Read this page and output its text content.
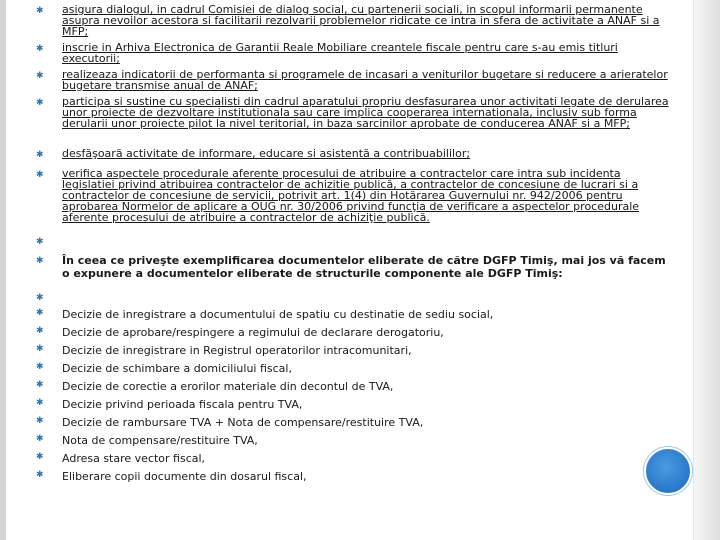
✱ asigura dialogul, in cadrul Comisiei de dialog social, cu partenerii sociali, in scopul informarii permanente asupra nevoilor acestora si facilitarii rezolvarii problemelor ridicate ce intra in sfera de activitate a ANAF si a MFP;
✱ inscrie in Arhiva Electronica de Garantii Reale Mobiliare creantele fiscale pentru care s-au emis titluri executorii;
✱ realizeaza indicatorii de performanta si programele de incasari a veniturilor bugetare si reducere a arieratelor bugetare transmise anual de ANAF;
✱ participa si sustine cu specialisti din cadrul aparatului propriu desfasurarea unor activitati legate de derularea unor proiecte de dezvoltare institutionala sau care implica cooperarea internationala, inclusiv sub forma derularii unor proiecte pilot la nivel teritorial, in baza sarcinilor aprobate de conducerea ANAF si a MFP;
✱ desfăşoară activitate de informare, educare si asistentă a contribuabililor;
✱ verifica aspectele procedurale aferente procesului de atribuire a contractelor care intra sub incidenta legislatiei privind atribuirea contractelor de achizitie publică, a contractelor de concesiune de lucrari si a contractelor de concesiune de servicii, potrivit art. 1(4) din Hotărarea Guvernului nr. 942/2006 pentru aprobarea Normelor de aplicare a OUG nr. 30/2006 privind funcţia de verificare a aspectelor procedurale aferente procesului de atribuire a contractelor de achiziţie publică.
✱
✱ În ceea ce priveşte exemplificarea documentelor eliberate de către DGFP Timiş, mai jos vă facem o expunere a documentelor eliberate de structurile componente ale DGFP Timiş:
✱
✱ Decizie de inregistrare a documentului de spatiu cu destinatie de sediu social,
✱ Decizie de aprobare/respingere a regimului de declarare derogatoriu,
✱ Decizie de inregistrare in Registrul operatorilor intracomunitari,
✱ Decizie de schimbare a domiciliului fiscal,
✱ Decizie de corectie a erorilor materiale din decontul de TVA,
✱ Decizie privind perioada fiscala pentru TVA,
✱ Decizie de rambursare TVA + Nota de compensare/restituire TVA,
✱ Nota de compensare/restituire TVA,
✱ Adresa stare vector fiscal,
✱ Eliberare copii documente din dosarul fiscal,
